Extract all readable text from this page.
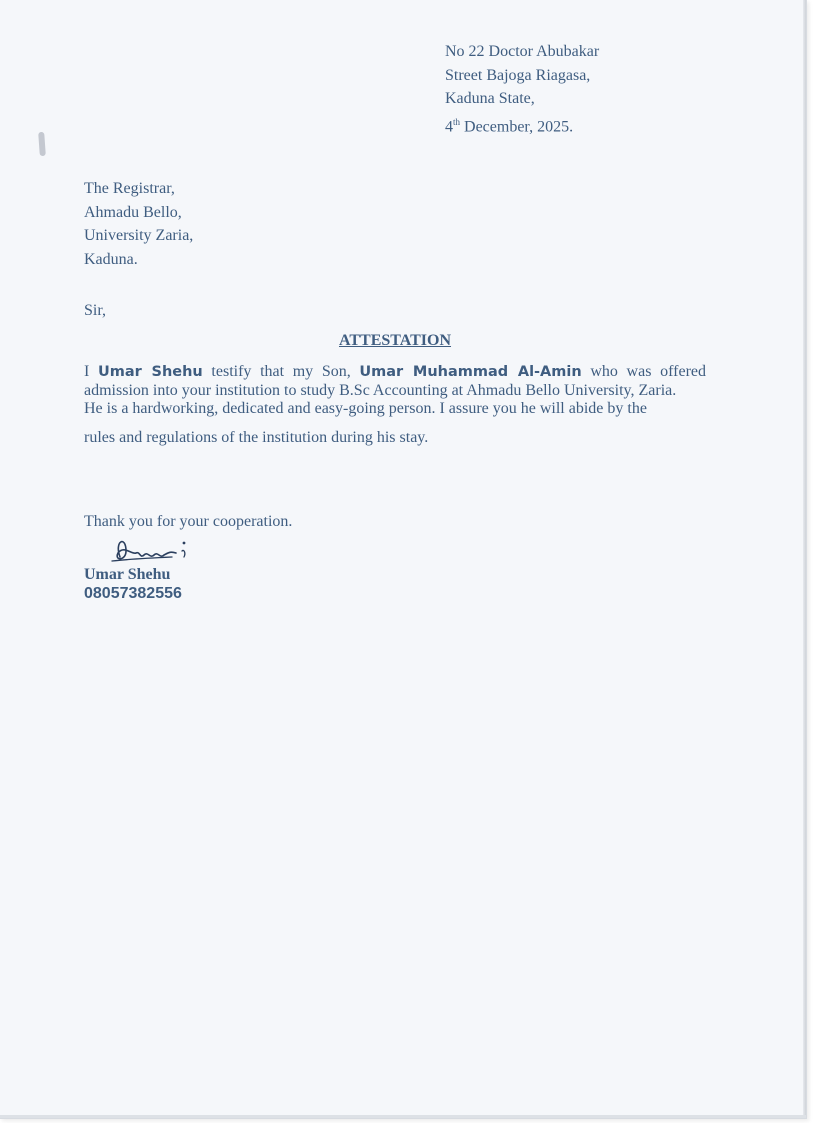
No 22 Doctor Abubakar
Street Bajoga Riagasa,
Kaduna State,
4th December, 2025.
The Registrar,
Ahmadu Bello,
University Zaria,
Kaduna.
Sir,
ATTESTATION

I Umar Shehu testify that my Son, Umar Muhammad Al-Amin who was offered admission into your institution to study B.Sc Accounting at Ahmadu Bello University, Zaria.

He is a hardworking, dedicated and easy-going person. I assure you he will abide by the

rules and regulations of the institution during his stay.

Thank you for your cooperation.
Umar Shehu
08057382556
